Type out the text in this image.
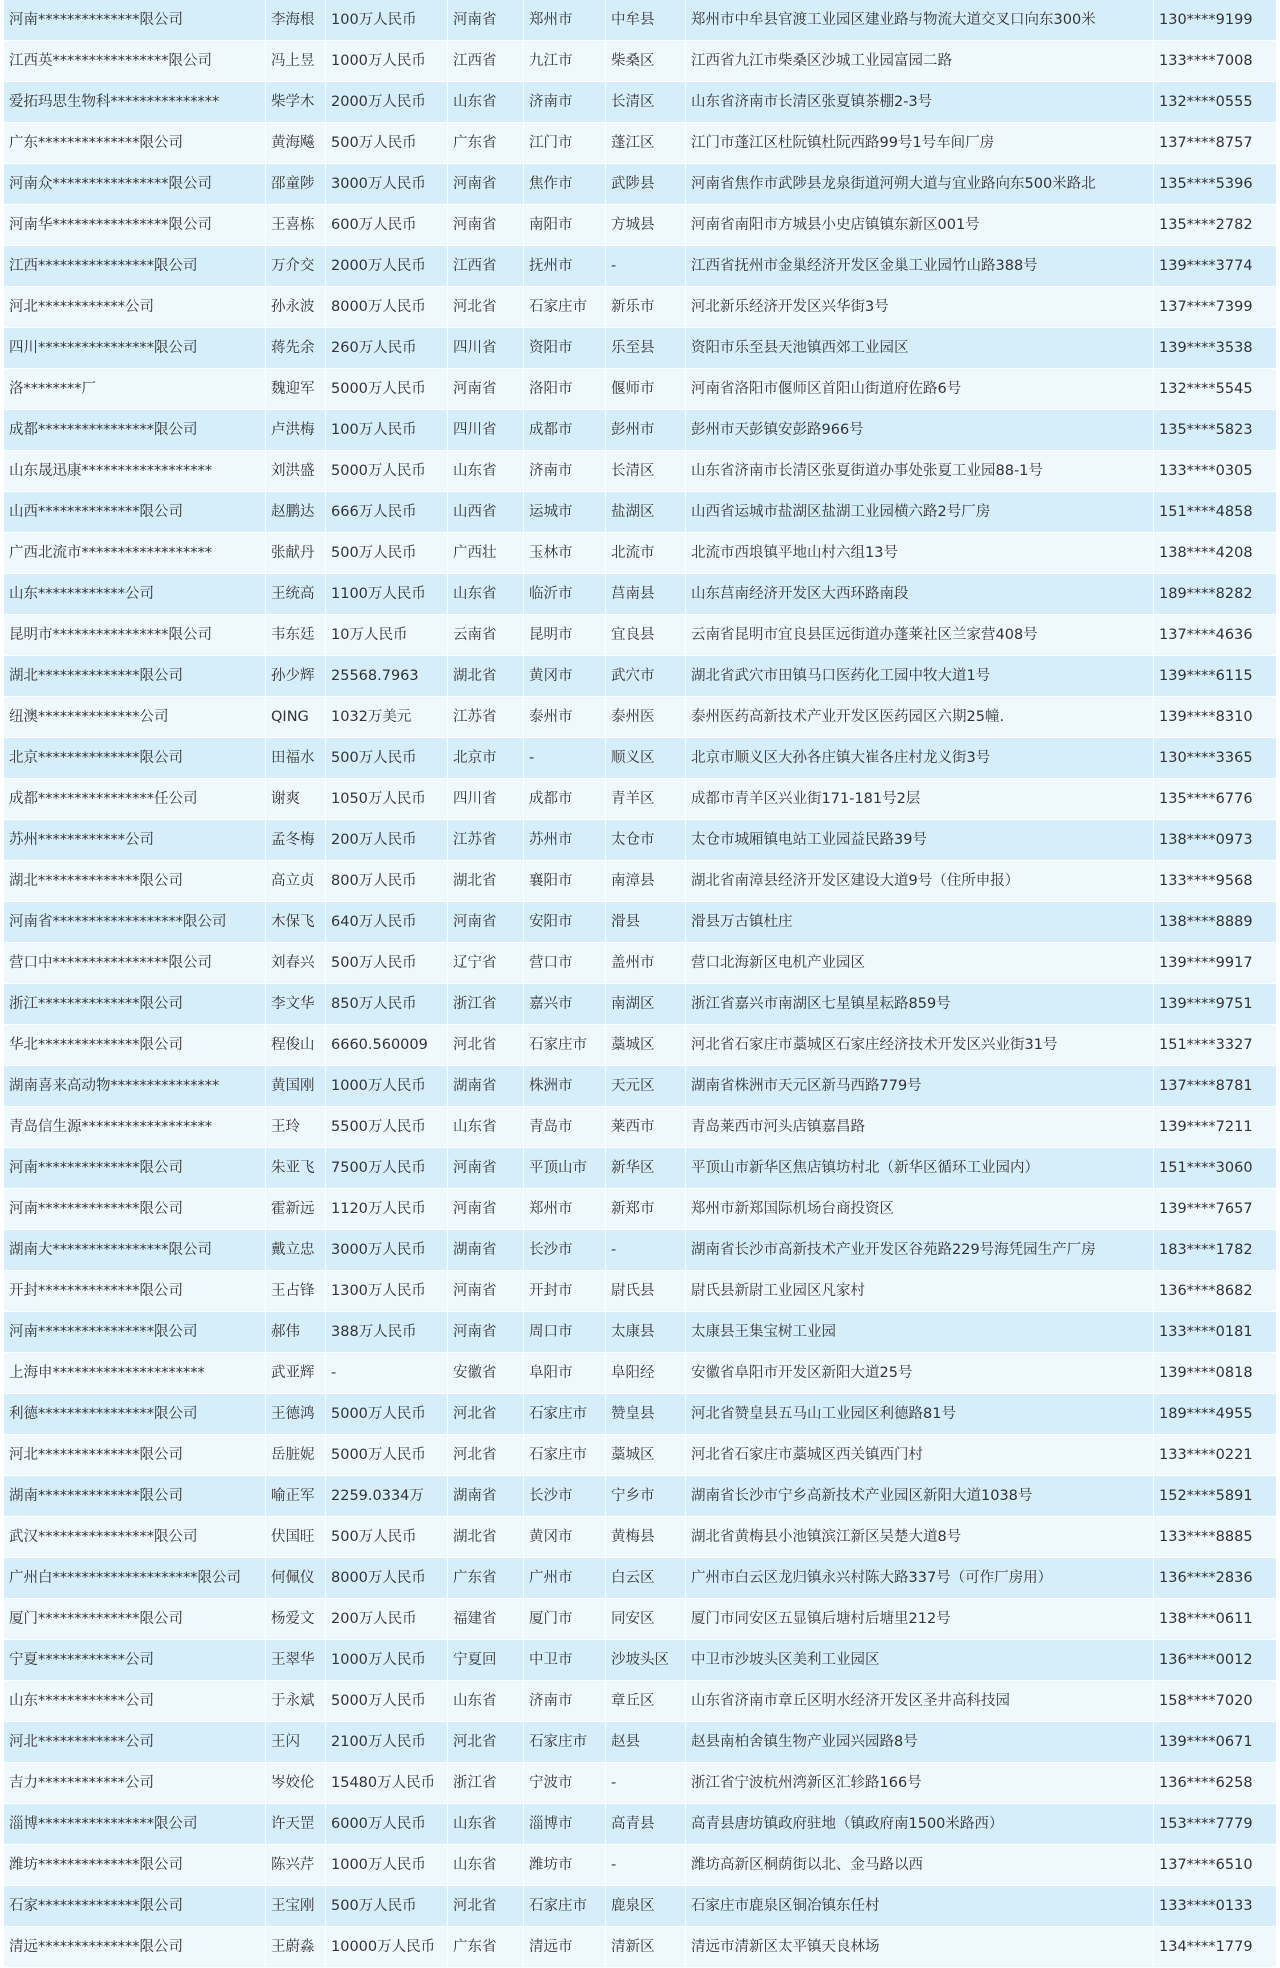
河南**************限公司	李海根	100万人民币	河南省	郑州市	中牟县	郑州市中牟县官渡工业园区建业路与物流大道交叉口向东300米	130****9199
江西英****************限公司	冯上昱	1000万人民币	江西省	九江市	柴桑区	江西省九江市柴桑区沙城工业园富园二路	133****7008
爱拓玛思生物科***************	柴学木	2000万人民币	山东省	济南市	长清区	山东省济南市长清区张夏镇茶棚2-3号	132****0555
广东**************限公司	黄海飚	500万人民币	广东省	江门市	蓬江区	江门市蓬江区杜阮镇杜阮西路99号1号车间厂房	137****8757
河南众****************限公司	邵童陟	3000万人民币	河南省	焦作市	武陟县	河南省焦作市武陟县龙泉街道河朔大道与宜业路向东500米路北	135****5396
河南华****************限公司	王喜栋	600万人民币	河南省	南阳市	方城县	河南省南阳市方城县小史店镇镇东新区001号	135****2782
江西****************限公司	万介交	2000万人民币	江西省	抚州市	-	江西省抚州市金巢经济开发区金巢工业园竹山路388号	139****3774
河北************公司	孙永波	8000万人民币	河北省	石家庄市	新乐市	河北新乐经济开发区兴华街3号	137****7399
四川****************限公司	蒋先余	260万人民币	四川省	资阳市	乐至县	资阳市乐至县天池镇西郊工业园区	139****3538
洛********厂	魏迎军	5000万人民币	河南省	洛阳市	偃师市	河南省洛阳市偃师区首阳山街道府佐路6号	132****5545
成都****************限公司	卢洪梅	100万人民币	四川省	成都市	彭州市	彭州市天彭镇安彭路966号	135****5823
山东晟迅康******************	刘洪盛	5000万人民币	山东省	济南市	长清区	山东省济南市长清区张夏街道办事处张夏工业园88-1号	133****0305
山西**************限公司	赵鹏达	666万人民币	山西省	运城市	盐湖区	山西省运城市盐湖区盐湖工业园横六路2号厂房	151****4858
广西北流市******************	张献丹	500万人民币	广西壮	玉林市	北流市	北流市西埌镇平地山村六组13号	138****4208
山东************公司	王统高	1100万人民币	山东省	临沂市	莒南县	山东莒南经济开发区大西环路南段	189****8282
昆明市****************限公司	韦东廷	10万人民币	云南省	昆明市	宜良县	云南省昆明市宜良县匡远街道办蓬莱社区兰家营408号	137****4636
湖北**************限公司	孙少辉	25568.7963	湖北省	黄冈市	武穴市	湖北省武穴市田镇马口医药化工园中牧大道1号	139****6115
纽澳**************公司	QING	1032万美元	江苏省	泰州市	泰州医	泰州医药高新技术产业开发区医药园区六期25幢.	139****8310
北京**************限公司	田福水	500万人民币	北京市	-	顺义区	北京市顺义区大孙各庄镇大崔各庄村龙义街3号	130****3365
成都****************任公司	谢爽	1050万人民币	四川省	成都市	青羊区	成都市青羊区兴业街171-181号2层	135****6776
苏州************公司	孟冬梅	200万人民币	江苏省	苏州市	太仓市	太仓市城厢镇电站工业园益民路39号	138****0973
湖北**************限公司	高立贞	800万人民币	湖北省	襄阳市	南漳县	湖北省南漳县经济开发区建设大道9号（住所申报）	133****9568
河南省******************限公司	木保飞	640万人民币	河南省	安阳市	滑县	滑县万古镇杜庄	138****8889
营口中****************限公司	刘春兴	500万人民币	辽宁省	营口市	盖州市	营口北海新区电机产业园区	139****9917
浙江**************限公司	李文华	850万人民币	浙江省	嘉兴市	南湖区	浙江省嘉兴市南湖区七星镇星耘路859号	139****9751
华北**************限公司	程俊山	6660.560009	河北省	石家庄市	藁城区	河北省石家庄市藁城区石家庄经济技术开发区兴业街31号	151****3327
湖南喜来高动物***************	黄国刚	1000万人民币	湖南省	株洲市	天元区	湖南省株洲市天元区新马西路779号	137****8781
青岛信生源******************	王玲	5500万人民币	山东省	青岛市	莱西市	青岛莱西市河头店镇嘉昌路	139****7211
河南**************限公司	朱亚飞	7500万人民币	河南省	平顶山市	新华区	平顶山市新华区焦店镇坊村北（新华区循环工业园内）	151****3060
河南**************限公司	霍新远	1120万人民币	河南省	郑州市	新郑市	郑州市新郑国际机场台商投资区	139****7657
湖南大****************限公司	戴立忠	3000万人民币	湖南省	长沙市	-	湖南省长沙市高新技术产业开发区谷苑路229号海凭园生产厂房	183****1782
开封**************限公司	王占锋	1300万人民币	河南省	开封市	尉氏县	尉氏县新尉工业园区凡家村	136****8682
河南****************限公司	郝伟	388万人民币	河南省	周口市	太康县	太康县王集宝树工业园	133****0181
上海申*********************	武亚辉	-	安徽省	阜阳市	阜阳经	安徽省阜阳市开发区新阳大道25号	139****0818
利德****************限公司	王德鸿	5000万人民币	河北省	石家庄市	赞皇县	河北省赞皇县五马山工业园区利德路81号	189****4955
河北**************限公司	岳脏妮	5000万人民币	河北省	石家庄市	藁城区	河北省石家庄市藁城区西关镇西门村	133****0221
湖南**************限公司	喻正军	2259.0334万	湖南省	长沙市	宁乡市	湖南省长沙市宁乡高新技术产业园区新阳大道1038号	152****5891
武汉****************限公司	伏国旺	500万人民币	湖北省	黄冈市	黄梅县	湖北省黄梅县小池镇滨江新区吴楚大道8号	133****8885
广州白********************限公司	何佩仪	8000万人民币	广东省	广州市	白云区	广州市白云区龙归镇永兴村陈大路337号（可作厂房用）	136****2836
厦门**************限公司	杨爱文	200万人民币	福建省	厦门市	同安区	厦门市同安区五显镇后塘村后塘里212号	138****0611
宁夏************公司	王翠华	1000万人民币	宁夏回	中卫市	沙坡头区	中卫市沙坡头区美利工业园区	136****0012
山东************公司	于永斌	5000万人民币	山东省	济南市	章丘区	山东省济南市章丘区明水经济开发区圣井高科技园	158****7020
河北************公司	王闪	2100万人民币	河北省	石家庄市	赵县	赵县南柏舍镇生物产业园兴园路8号	139****0671
吉力************公司	岑姣伦	15480万人民币	浙江省	宁波市	-	浙江省宁波杭州湾新区汇轸路166号	136****6258
淄博****************限公司	许天罡	6000万人民币	山东省	淄博市	高青县	高青县唐坊镇政府驻地（镇政府南1500米路西）	153****7779
潍坊**************限公司	陈兴芹	1000万人民币	山东省	潍坊市	-	潍坊高新区桐荫街以北、金马路以西	137****6510
石家**************限公司	王宝刚	500万人民币	河北省	石家庄市	鹿泉区	石家庄市鹿泉区铜冶镇东任村	133****0133
清远**************限公司	王蔚淼	10000万人民币	广东省	清远市	清新区	清远市清新区太平镇天良林场	134****1779
